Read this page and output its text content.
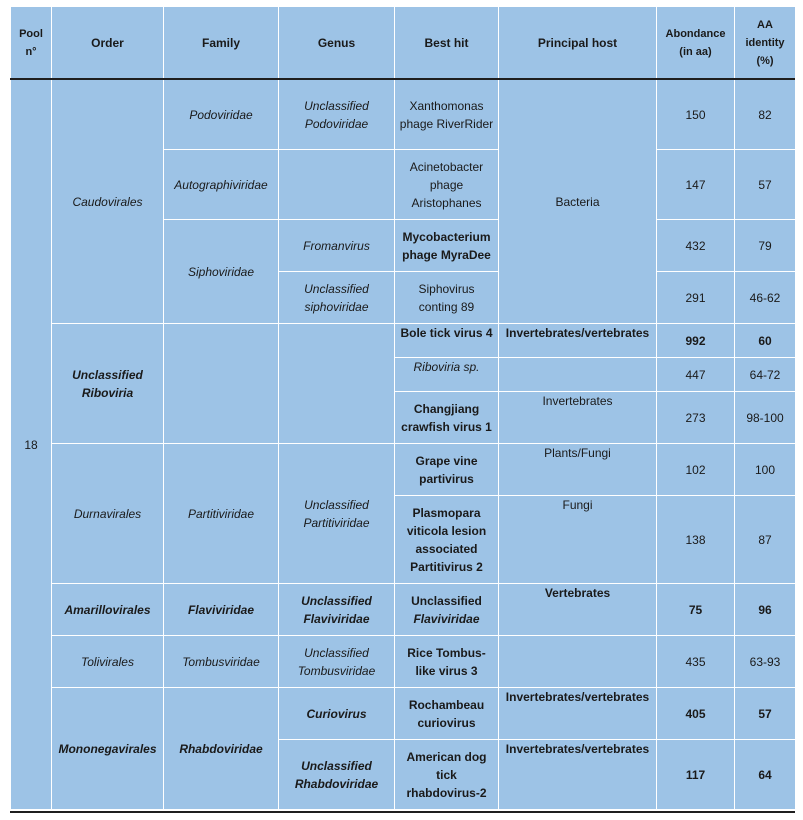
Pool n°	Order	Family	Genus	Best hit	Principal host	Abondance (in aa)	AA identity (%)
18	Caudovirales	Podoviridae	Unclassified Podoviridae	Xanthomonas phage RiverRider	Bacteria	150	82
		Autographiviridae		Acinetobacter phage Aristophanes		147	57
		Siphoviridae	Fromanvirus	Mycobacterium phage MyraDee		432	79
			Unclassified siphoviridae	Siphovirus conting 89		291	46-62
	Unclassified Riboviria			Bole tick virus 4	Invertebrates/vertebrates	992	60
				Riboviria sp.		447	64-72
				Changjiang crawfish virus 1	Invertebrates	273	98-100
	Durnavirales	Partitiviridae	Unclassified Partitiviridae	Grape vine partivirus	Plants/Fungi	102	100
				Plasmopara viticola lesion associated Partitivirus 2	Fungi	138	87
	Amarillovirales	Flaviviridae	Unclassified Flaviviridae	Unclassified Flaviviridae	Vertebrates	75	96
	Tolivirales	Tombusviridae	Unclassified Tombusviridae	Rice Tombus-like virus 3		435	63-93
	Mononegavirales	Rhabdoviridae	Curiovirus	Rochambeau curiovirus	Invertebrates/vertebrates	405	57
			Unclassified Rhabdoviridae	American dog tick rhabdovirus-2	Invertebrates/vertebrates	117	64
